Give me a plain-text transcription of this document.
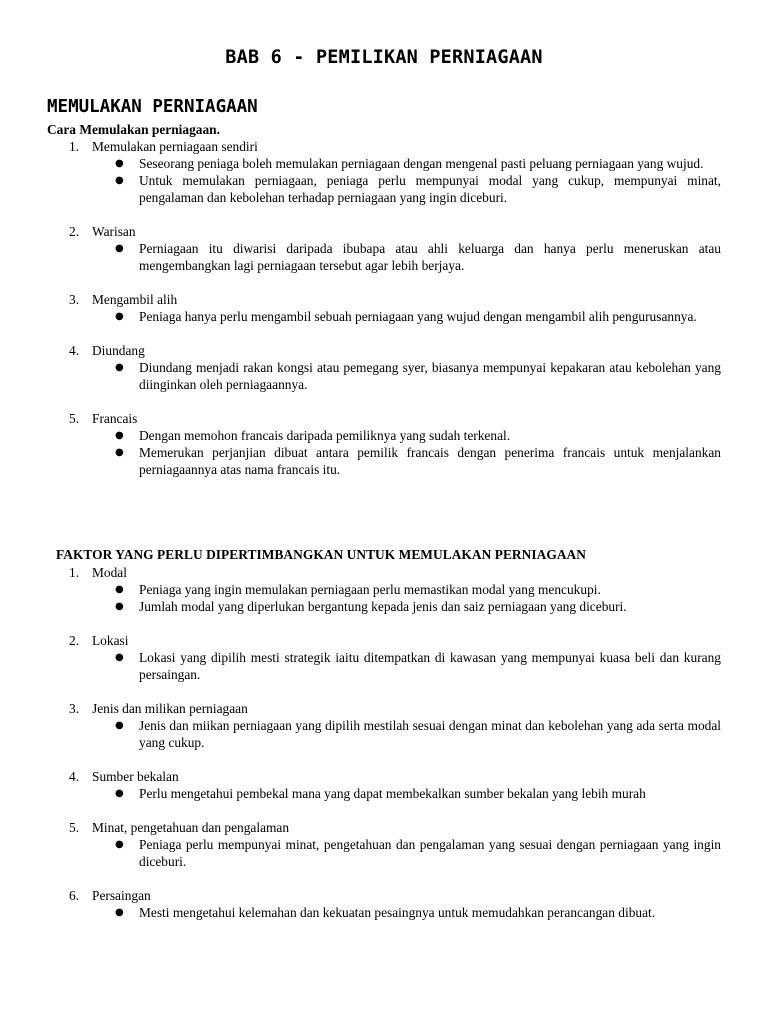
BAB 6 - PEMILIKAN PERNIAGAAN
MEMULAKAN PERNIAGAAN
Cara Memulakan perniagaan.
1. Memulakan perniagaan sendiri
● Seseorang peniaga boleh memulakan perniagaan dengan mengenal pasti peluang perniagaan yang wujud.
● Untuk memulakan perniagaan, peniaga perlu mempunyai modal yang cukup, mempunyai minat, pengalaman dan kebolehan terhadap perniagaan yang ingin diceburi.
2. Warisan
● Perniagaan itu diwarisi daripada ibubapa atau ahli keluarga dan hanya perlu meneruskan atau mengembangkan lagi perniagaan tersebut agar lebih berjaya.
3. Mengambil alih
● Peniaga hanya perlu mengambil sebuah perniagaan yang wujud dengan mengambil alih pengurusannya.
4. Diundang
● Diundang menjadi rakan kongsi atau pemegang syer, biasanya mempunyai kepakaran atau kebolehan yang diinginkan oleh perniagaannya.
5. Francais
● Dengan memohon francais daripada pemiliknya yang sudah terkenal.
● Memerukan perjanjian dibuat antara pemilik francais dengan penerima francais untuk menjalankan perniagaannya atas nama francais itu.
FAKTOR YANG PERLU DIPERTIMBANGKAN UNTUK MEMULAKAN PERNIAGAAN
1. Modal
● Peniaga yang ingin memulakan perniagaan perlu memastikan modal yang mencukupi.
● Jumlah modal yang diperlukan bergantung kepada jenis dan saiz perniagaan yang diceburi.
2. Lokasi
● Lokasi yang dipilih mesti strategik iaitu ditempatkan di kawasan yang mempunyai kuasa beli dan kurang persaingan.
3. Jenis dan milikan perniagaan
● Jenis dan miikan perniagaan yang dipilih mestilah sesuai dengan minat dan kebolehan yang ada serta modal yang cukup.
4. Sumber bekalan
● Perlu mengetahui pembekal mana yang dapat membekalkan sumber bekalan yang lebih murah
5. Minat, pengetahuan dan pengalaman
● Peniaga perlu mempunyai minat, pengetahuan dan pengalaman yang sesuai dengan perniagaan yang ingin diceburi.
6. Persaingan
● Mesti mengetahui kelemahan dan kekuatan pesaingnya untuk memudahkan perancangan dibuat.
